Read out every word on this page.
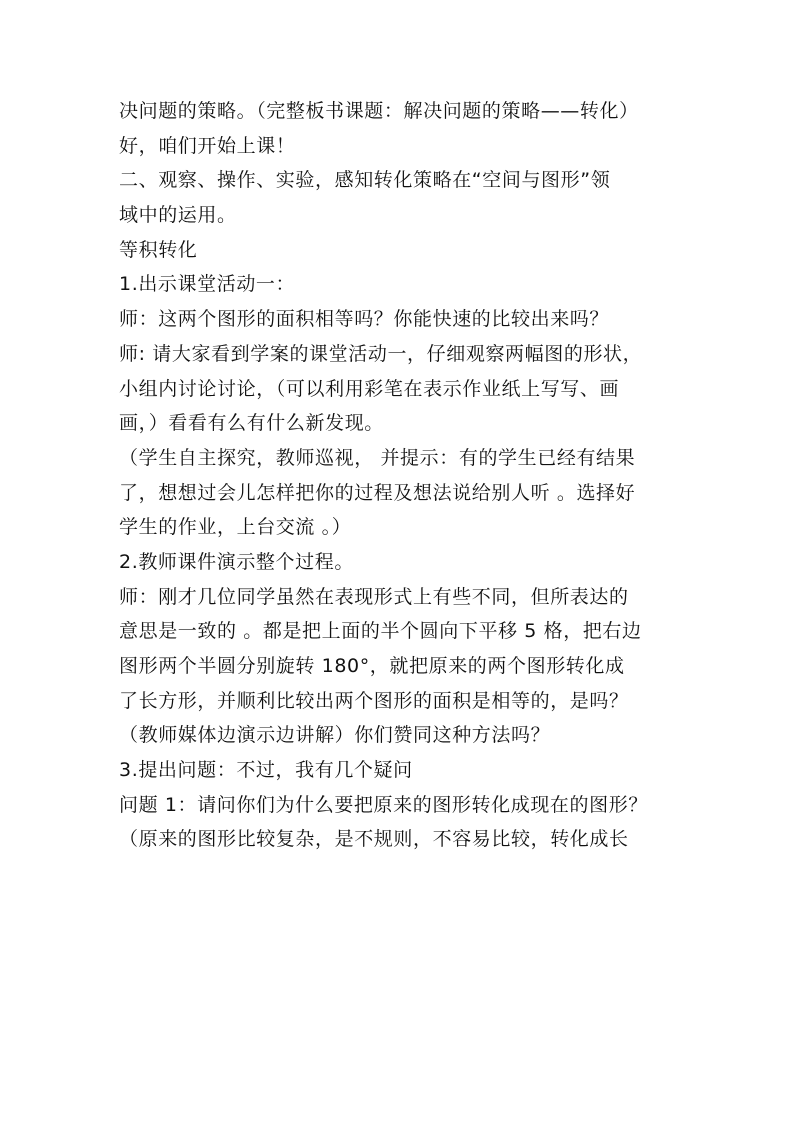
决问题的策略。（完整板书课题：解决问题的策略——转化）
好，咱们开始上课！
二、观察、操作、实验，感知转化策略在“空间与图形”领
域中的运用。
等积转化
1.出示课堂活动一：
师：这两个图形的面积相等吗？你能快速的比较出来吗？
师: 请大家看到学案的课堂活动一，仔细观察两幅图的形状，
小组内讨论讨论，（可以利用彩笔在表示作业纸上写写、画
画，）看看有么有什么新发现。
（学生自主探究，教师巡视， 并提示：有的学生已经有结果
了，想想过会儿怎样把你的过程及想法说给别人听 。选择好
学生的作业，上台交流 。）
2.教师课件演示整个过程。
师：刚才几位同学虽然在表现形式上有些不同，但所表达的
意思是一致的 。都是把上面的半个圆向下平移 5 格，把右边
图形两个半圆分别旋转 180°，就把原来的两个图形转化成
了长方形，并顺利比较出两个图形的面积是相等的，是吗？
（教师媒体边演示边讲解）你们赞同这种方法吗？
3.提出问题：不过，我有几个疑问
问题 1：请问你们为什么要把原来的图形转化成现在的图形？
（原来的图形比较复杂，是不规则，不容易比较，转化成长
